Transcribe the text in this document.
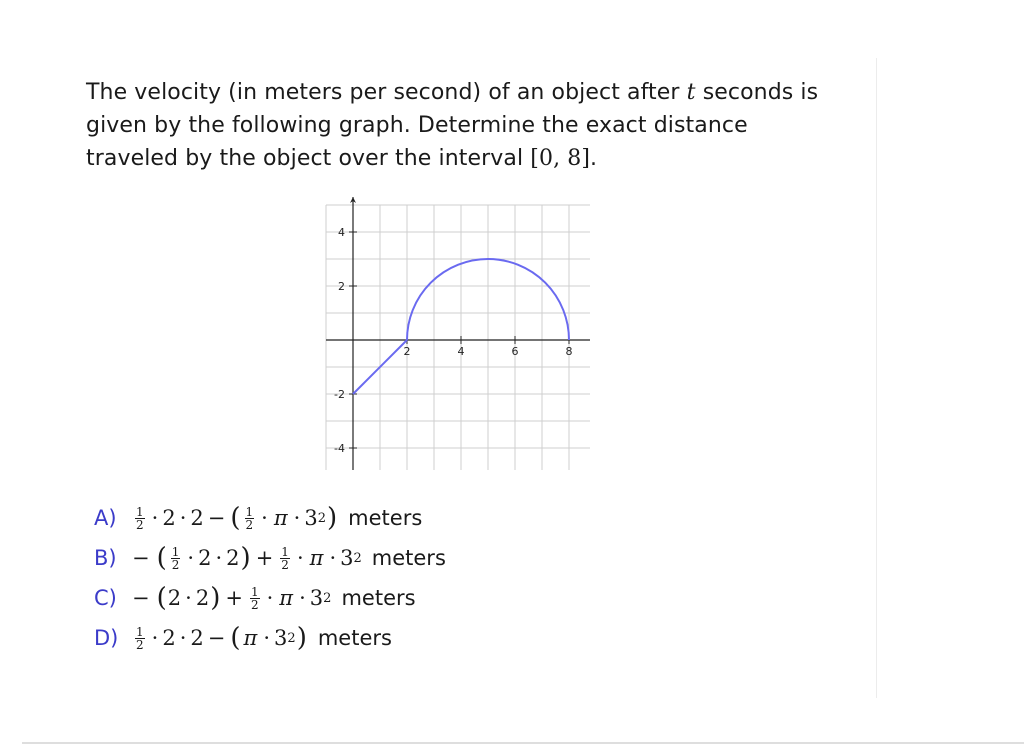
The velocity (in meters per second) of an object after t seconds is given by the following graph. Determine the exact distance traveled by the object over the interval [0, 8].
2	4	6	8
4
2
-2
-4
A)	$\frac{1}{2} \cdot 2 \cdot 2$ − ( $\frac{1}{2} \cdot \pi \cdot 3$ 2 ) meters
B) − ( $\frac{1}{2} \cdot 2 \cdot 2$ ) + $\frac{1}{2} \cdot \pi \cdot 3$ 2 meters
C) − ( 2 · 2 ) + $\frac{1}{2} \cdot \pi \cdot 3$ 2 meters
D)	$\frac{1}{2} \cdot 2 \cdot 2$ − ( π · 3 2 ) meters
